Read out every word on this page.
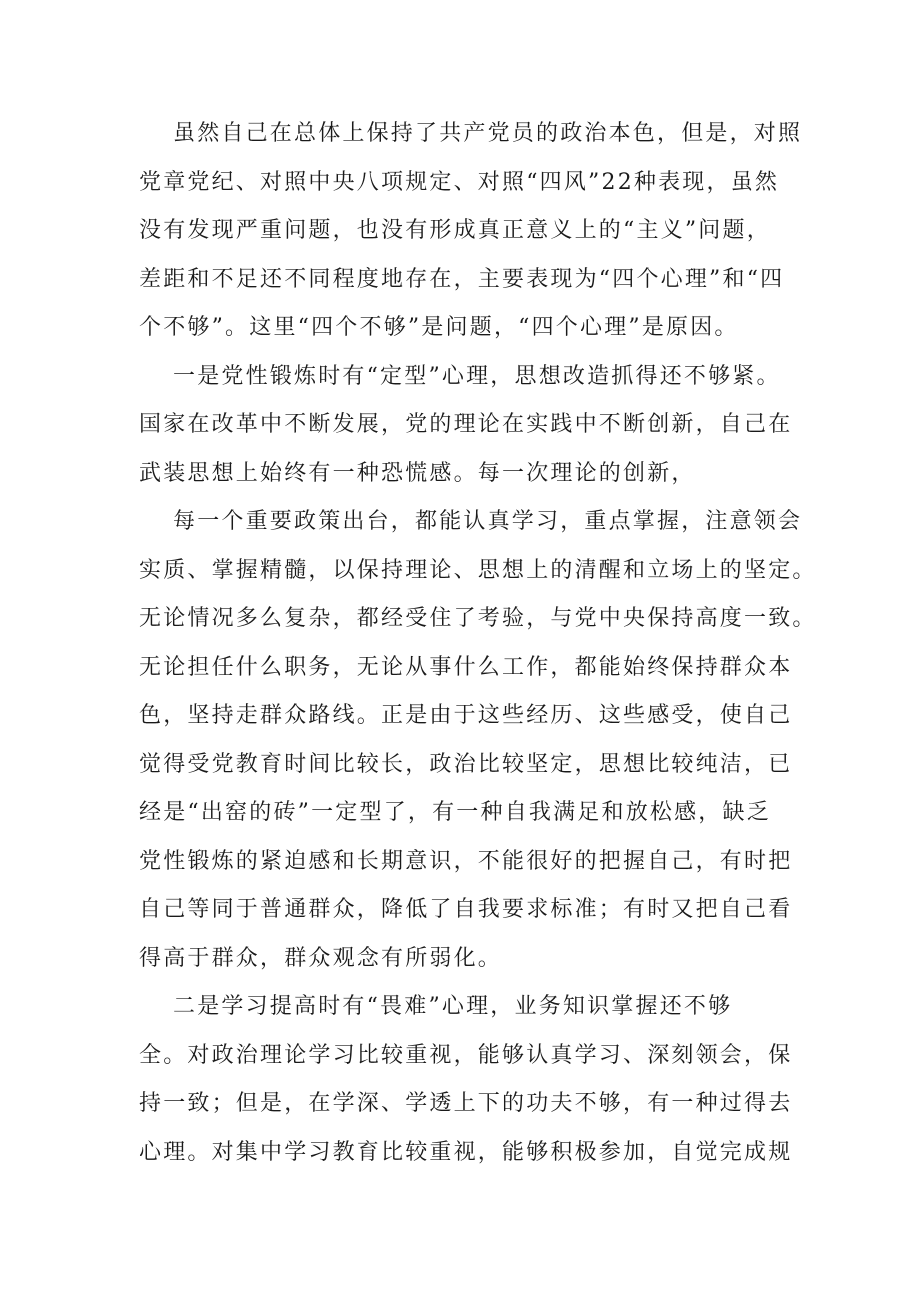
虽然自己在总体上保持了共产党员的政治本色，但是，对照
党章党纪、对照中央八项规定、对照“四风”22种表现，虽然
没有发现严重问题，也没有形成真正意义上的“主义”问题，
差距和不足还不同程度地存在，主要表现为“四个心理”和“四
个不够”。这里“四个不够”是问题，“四个心理”是原因。
一是党性锻炼时有“定型”心理，思想改造抓得还不够紧。
国家在改革中不断发展，党的理论在实践中不断创新，自己在
武装思想上始终有一种恐慌感。每一次理论的创新，
每一个重要政策出台，都能认真学习，重点掌握，注意领会
实质、掌握精髓，以保持理论、思想上的清醒和立场上的坚定。
无论情况多么复杂，都经受住了考验，与党中央保持高度一致。
无论担任什么职务，无论从事什么工作，都能始终保持群众本
色，坚持走群众路线。正是由于这些经历、这些感受，使自己
觉得受党教育时间比较长，政治比较坚定，思想比较纯洁，已
经是“出窑的砖”一定型了，有一种自我满足和放松感，缺乏
党性锻炼的紧迫感和长期意识，不能很好的把握自己，有时把
自己等同于普通群众，降低了自我要求标准；有时又把自己看
得高于群众，群众观念有所弱化。
二是学习提高时有“畏难”心理，业务知识掌握还不够
全。对政治理论学习比较重视，能够认真学习、深刻领会，保
持一致；但是，在学深、学透上下的功夫不够，有一种过得去
心理。对集中学习教育比较重视，能够积极参加，自觉完成规
